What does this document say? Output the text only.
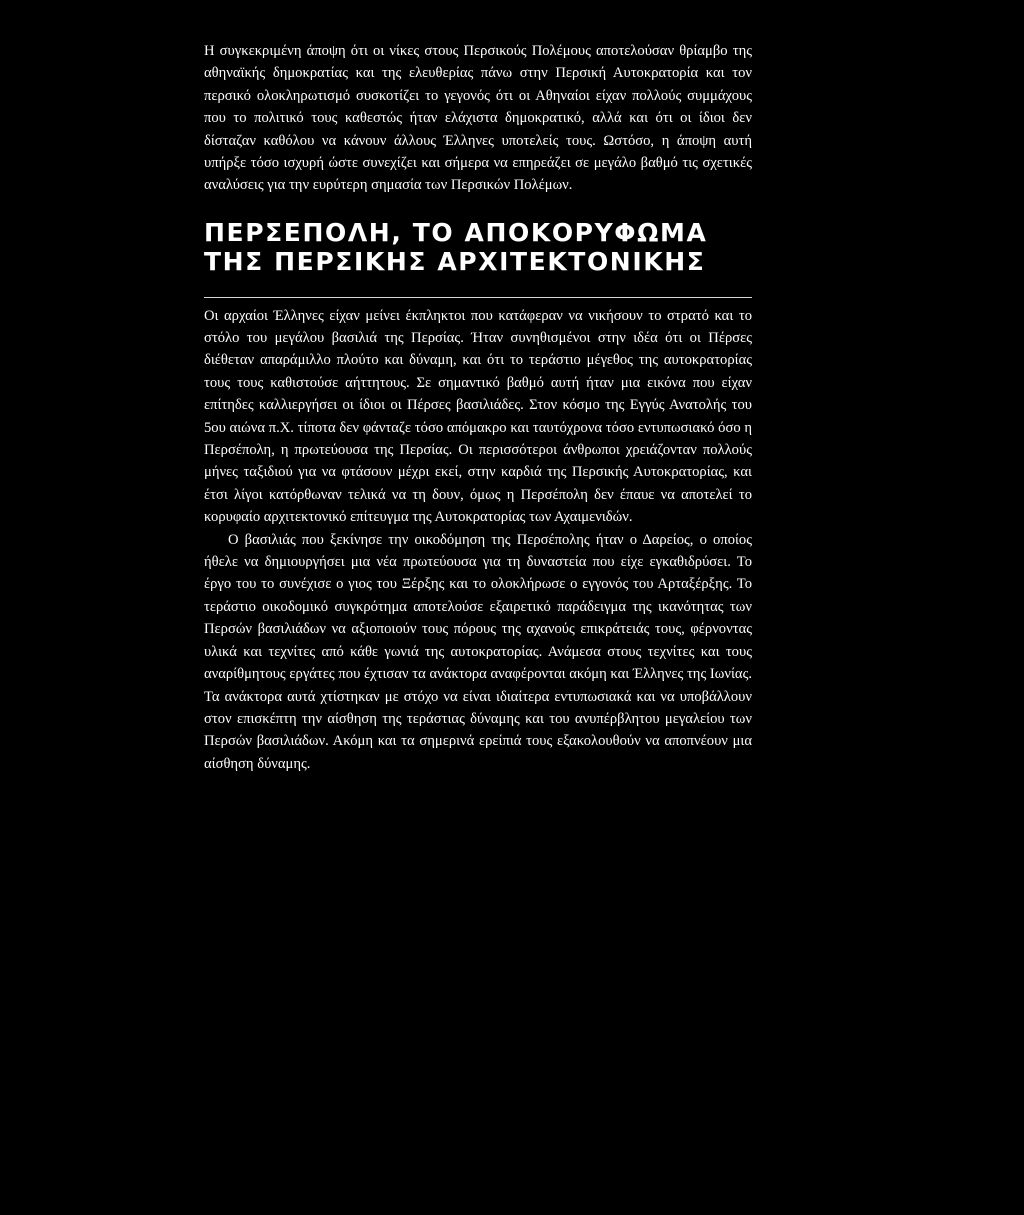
Η συγκεκριμένη άποψη ότι οι νίκες στους Περσικούς Πολέμους αποτελούσαν θρίαμβο της αθηναϊκής δημοκρατίας και της ελευθερίας πάνω στην Περσική Αυτοκρατορία και τον περσικό ολοκληρωτισμό συσκοτίζει το γεγονός ότι οι Αθηναίοι είχαν πολλούς συμμάχους που το πολιτικό τους καθεστώς ήταν ελάχιστα δημοκρατικό, αλλά και ότι οι ίδιοι δεν δίσταζαν καθόλου να κάνουν άλλους Έλληνες υποτελείς τους. Ωστόσο, η άποψη αυτή υπήρξε τόσο ισχυρή ώστε συνεχίζει και σήμερα να επηρεάζει σε μεγάλο βαθμό τις σχετικές αναλύσεις για την ευρύτερη σημασία των Περσικών Πολέμων.

ΠΕΡΣΕΠΟΛΗ, ΤΟ ΑΠΟΚΟΡΥΦΩΜΑ
ΤΗΣ ΠΕΡΣΙΚΗΣ ΑΡΧΙΤΕΚΤΟΝΙΚΗΣ

Οι αρχαίοι Έλληνες είχαν μείνει έκπληκτοι που κατάφεραν να νικήσουν το στρατό και το στόλο του μεγάλου βασιλιά της Περσίας. Ήταν συνηθισμένοι στην ιδέα ότι οι Πέρσες διέθεταν απαράμιλλο πλούτο και δύναμη, και ότι το τεράστιο μέγεθος της αυτοκρατορίας τους τους καθιστούσε αήττητους. Σε σημαντικό βαθμό αυτή ήταν μια εικόνα που είχαν επίτηδες καλλιεργήσει οι ίδιοι οι Πέρσες βασιλιάδες. Στον κόσμο της Εγγύς Ανατολής του 5ου αιώνα π.Χ. τίποτα δεν φάνταζε τόσο απόμακρο και ταυτόχρονα τόσο εντυπωσιακό όσο η Περσέπολη, η πρωτεύουσα της Περσίας. Οι περισσότεροι άνθρωποι χρειάζονταν πολλούς μήνες ταξιδιού για να φτάσουν μέχρι εκεί, στην καρδιά της Περσικής Αυτοκρατορίας, και έτσι λίγοι κατόρθωναν τελικά να τη δουν, όμως η Περσέπολη δεν έπαυε να αποτελεί το κορυφαίο αρχιτεκτονικό επίτευγμα της Αυτοκρατορίας των Αχαιμενιδών.

Ο βασιλιάς που ξεκίνησε την οικοδόμηση της Περσέπολης ήταν ο Δαρείος, ο οποίος ήθελε να δημιουργήσει μια νέα πρωτεύουσα για τη δυναστεία που είχε εγκαθιδρύσει. Το έργο του το συνέχισε ο γιος του Ξέρξης και το ολοκλήρωσε ο εγγονός του Αρταξέρξης. Το τεράστιο οικοδομικό συγκρότημα αποτελούσε εξαιρετικό παράδειγμα της ικανότητας των Περσών βασιλιάδων να αξιοποιούν τους πόρους της αχανούς επικράτειάς τους, φέρνοντας υλικά και τεχνίτες από κάθε γωνιά της αυτοκρατορίας. Ανάμεσα στους τεχνίτες και τους αναρίθμητους εργάτες που έχτισαν τα ανάκτορα αναφέρονται ακόμη και Έλληνες της Ιωνίας. Τα ανάκτορα αυτά χτίστηκαν με στόχο να είναι ιδιαίτερα εντυπωσιακά και να υποβάλλουν στον επισκέπτη την αίσθηση της τεράστιας δύναμης και του ανυπέρβλητου μεγαλείου των Περσών βασιλιάδων. Ακόμη και τα σημερινά ερείπιά τους εξακολουθούν να αποπνέουν μια αίσθηση δύναμης.
